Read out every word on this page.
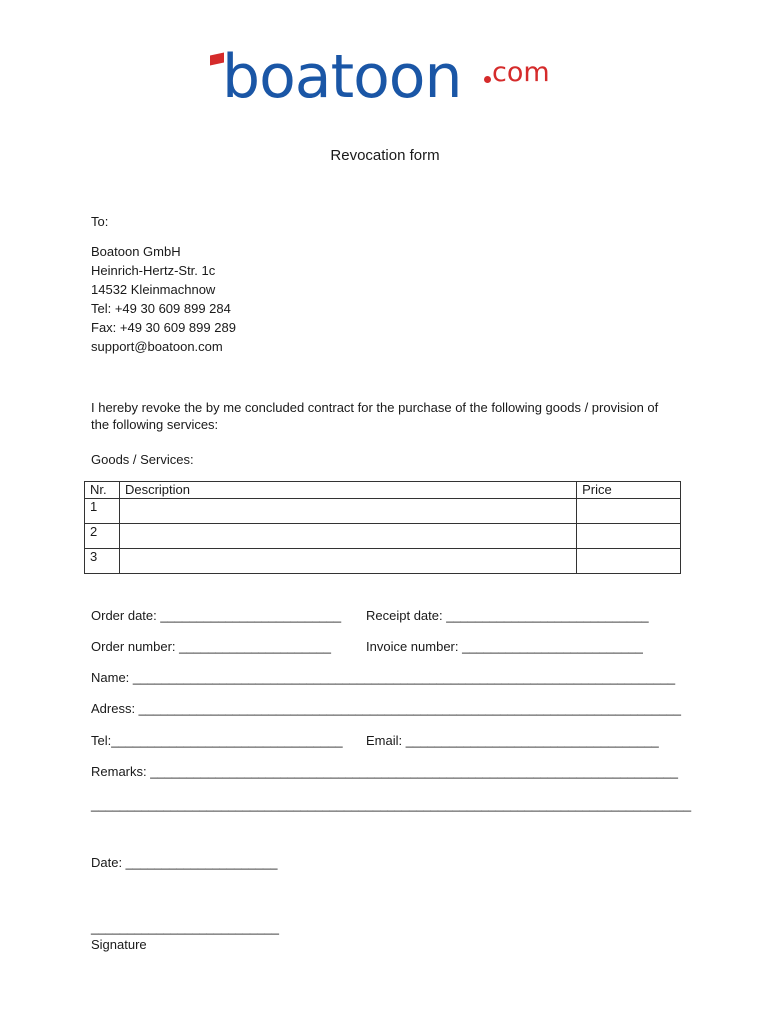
boatoon com
Revocation form
To:
Boatoon GmbH
Heinrich-Hertz-Str. 1c
14532 Kleinmachnow
Tel: +49 30 609 899 284
Fax: +49 30 609 899 289
support@boatoon.com
I hereby revoke the by me concluded contract for the purchase of the following goods / provision of
the following services:
Goods / Services:
Nr.	Description	Price
1		
2		
3		
Order date: _________________________ Receipt date: ____________________________
Order number: _____________________	Invoice number: _________________________
Name: ___________________________________________________________________________
Adress: ___________________________________________________________________________
Tel:________________________________ Email: ___________________________________
Remarks: _________________________________________________________________________
___________________________________________________________________________________
Date: _____________________
__________________________
Signature
